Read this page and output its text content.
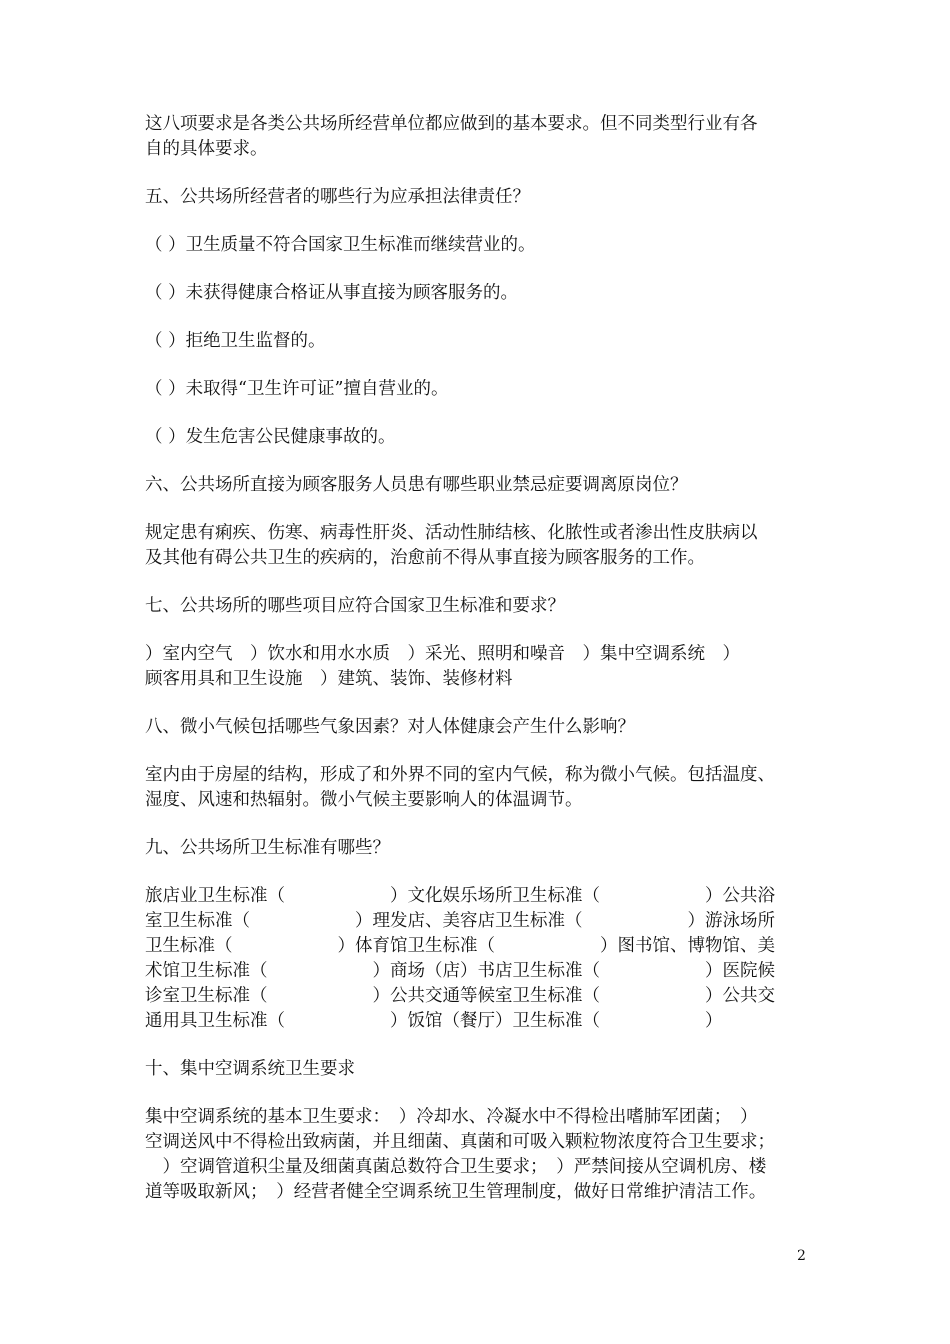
这八项要求是各类公共场所经营单位都应做到的基本要求。但不同类型行业有各
自的具体要求。
五、公共场所经营者的哪些行为应承担法律责任？
（ ）卫生质量不符合国家卫生标准而继续营业的。
（ ）未获得健康合格证从事直接为顾客服务的。
（ ）拒绝卫生监督的。
（ ）未取得“卫生许可证”擅自营业的。
（ ）发生危害公民健康事故的。
六、公共场所直接为顾客服务人员患有哪些职业禁忌症要调离原岗位？
规定患有痢疾、伤寒、病毒性肝炎、活动性肺结核、化脓性或者渗出性皮肤病以
及其他有碍公共卫生的疾病的，治愈前不得从事直接为顾客服务的工作。
七、公共场所的哪些项目应符合国家卫生标准和要求？
）室内空气　）饮水和用水水质　）采光、照明和噪音　）集中空调系统　）
顾客用具和卫生设施　）建筑、装饰、装修材料
八、微小气候包括哪些气象因素？对人体健康会产生什么影响？
室内由于房屋的结构，形成了和外界不同的室内气候，称为微小气候。包括温度、
湿度、风速和热辐射。微小气候主要影响人的体温调节。
九、公共场所卫生标准有哪些？
旅店业卫生标准（　　　　　　）文化娱乐场所卫生标准（　　　　　　）公共浴
室卫生标准（　　　　　　）理发店、美容店卫生标准（　　　　　　）游泳场所
卫生标准（　　　　　　）体育馆卫生标准（　　　　　　）图书馆、博物馆、美
术馆卫生标准（　　　　　　）商场（店）书店卫生标准（　　　　　　）医院候
诊室卫生标准（　　　　　　）公共交通等候室卫生标准（　　　　　　）公共交
通用具卫生标准（　　　　　　）饭馆（餐厅）卫生标准（　　　　　　）
十、集中空调系统卫生要求
集中空调系统的基本卫生要求：　）冷却水、冷凝水中不得检出嗜肺军团菌；　）
空调送风中不得检出致病菌，并且细菌、真菌和可吸入颗粒物浓度符合卫生要求；
　）空调管道积尘量及细菌真菌总数符合卫生要求；　）严禁间接从空调机房、楼
道等吸取新风；　）经营者健全空调系统卫生管理制度，做好日常维护清洁工作。
2
